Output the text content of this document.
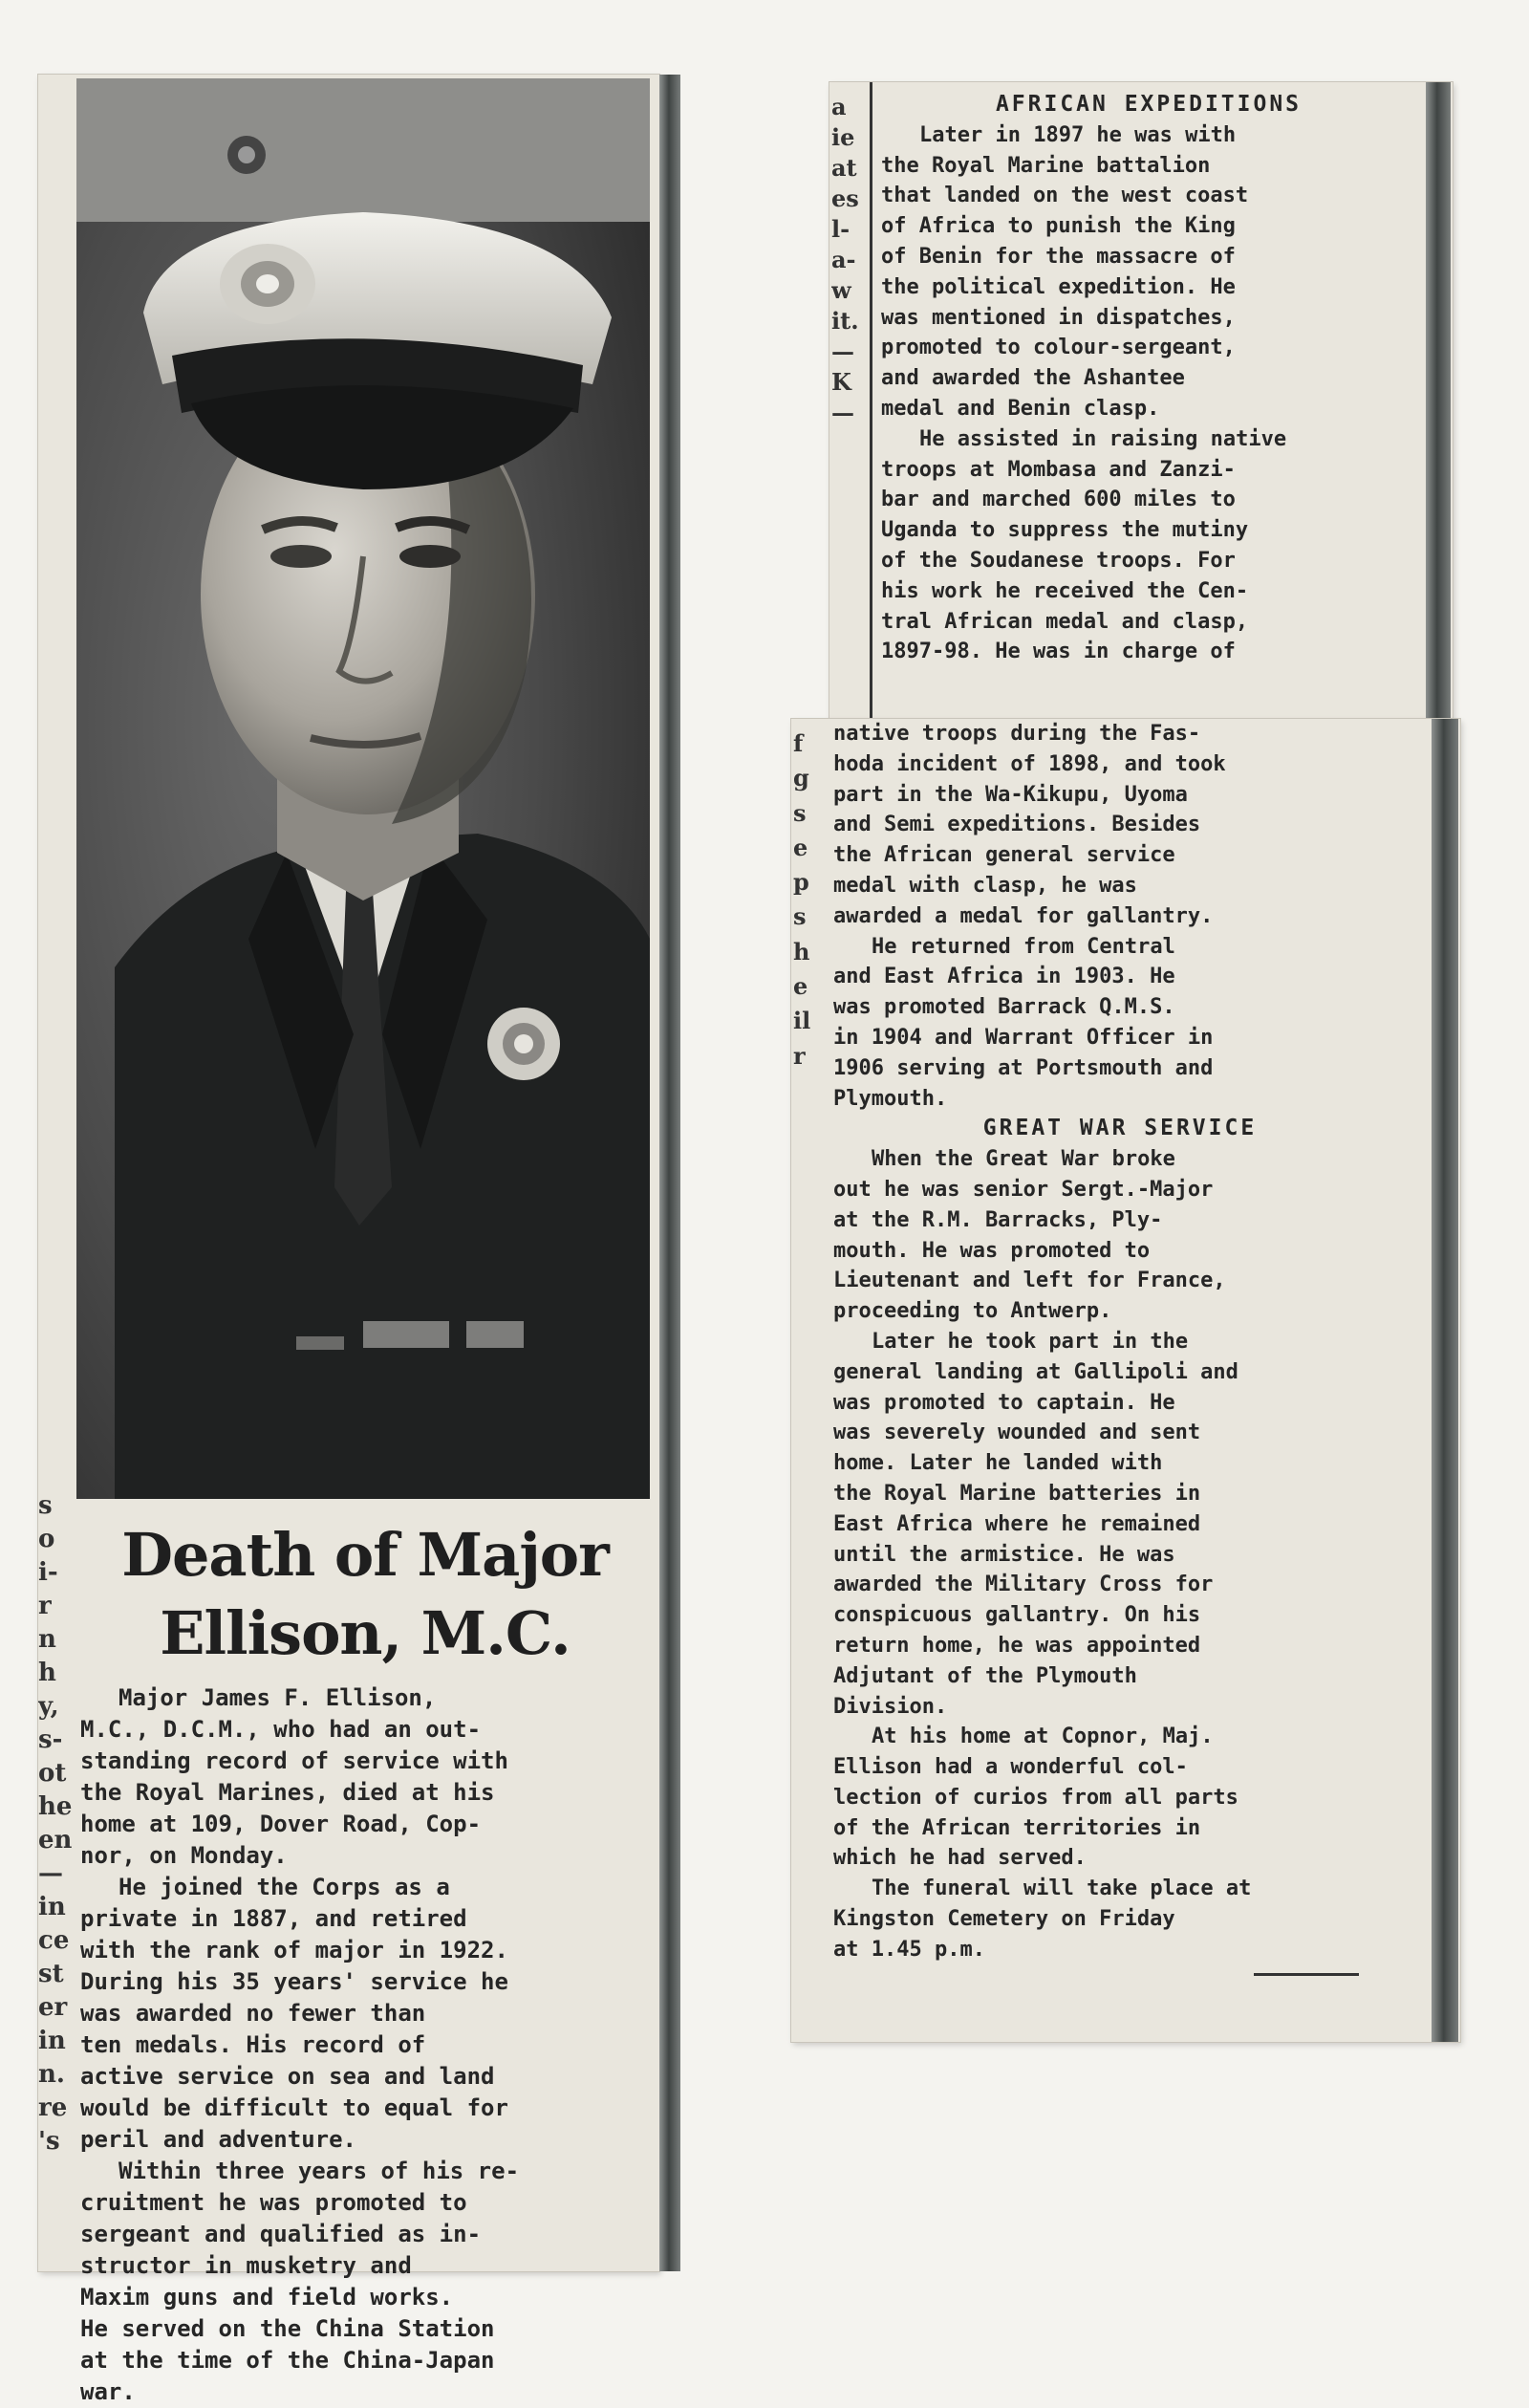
s
o
i-
r
n
h
y,
s-
ot
he
en
—
in
ce
st
er
in
n.
re
's
Death of Major
Ellison, M.C.
Major James F. Ellison,
M.C., D.C.M., who had an out-
standing record of service with
the Royal Marines, died at his
home at 109, Dover Road, Cop-
nor, on Monday.
He joined the Corps as a
private in 1887, and retired
with the rank of major in 1922.
During his 35 years' service he
was awarded no fewer than
ten medals. His record of
active service on sea and land
would be difficult to equal for
peril and adventure.
Within three years of his re-
cruitment he was promoted to
sergeant and qualified as in-
structor in musketry and
Maxim guns and field works.
He served on the China Station
at the time of the China-Japan
war.
a
ie
at
es
l-
a-
w
it.
—
K
—
AFRICAN EXPEDITIONS
Later in 1897 he was with
the Royal Marine battalion
that landed on the west coast
of Africa to punish the King
of Benin for the massacre of
the political expedition. He
was mentioned in dispatches,
promoted to colour-sergeant,
and awarded the Ashantee
medal and Benin clasp.
He assisted in raising native
troops at Mombasa and Zanzi-
bar and marched 600 miles to
Uganda to suppress the mutiny
of the Soudanese troops. For
his work he received the Cen-
tral African medal and clasp,
1897-98. He was in charge of
f
g
s
e
p
s
h
e
il
r
native troops during the Fas-
hoda incident of 1898, and took
part in the Wa-Kikupu, Uyoma
and Semi expeditions. Besides
the African general service
medal with clasp, he was
awarded a medal for gallantry.
He returned from Central
and East Africa in 1903. He
was promoted Barrack Q.M.S.
in 1904 and Warrant Officer in
1906 serving at Portsmouth and
Plymouth.
GREAT WAR SERVICE
When the Great War broke
out he was senior Sergt.-Major
at the R.M. Barracks, Ply-
mouth. He was promoted to
Lieutenant and left for France,
proceeding to Antwerp.
Later he took part in the
general landing at Gallipoli and
was promoted to captain. He
was severely wounded and sent
home. Later he landed with
the Royal Marine batteries in
East Africa where he remained
until the armistice. He was
awarded the Military Cross for
conspicuous gallantry. On his
return home, he was appointed
Adjutant of the Plymouth
Division.
At his home at Copnor, Maj.
Ellison had a wonderful col-
lection of curios from all parts
of the African territories in
which he had served.
The funeral will take place at
Kingston Cemetery on Friday
at 1.45 p.m.
